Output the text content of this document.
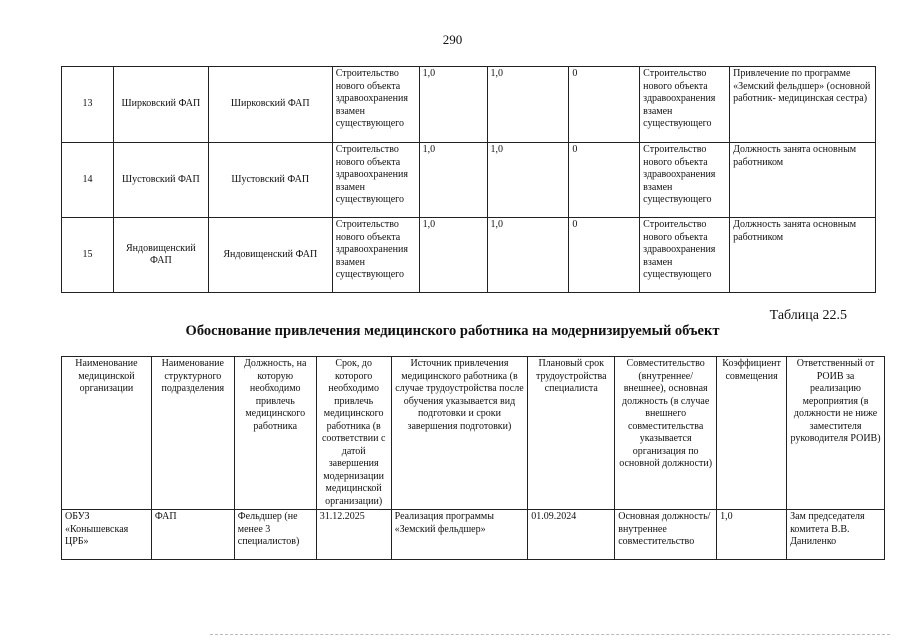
290
13	Ширковский ФАП	Ширковский ФАП	Строительство нового объекта здравоохранения взамен существующего	1,0	1,0	0	Строительство нового объекта здравоохранения взамен существующего	Привлечение по программе «Земский фельдшер» (основной работник- медицинская сестра)
14	Шустовский ФАП	Шустовский ФАП	Строительство нового объекта здравоохранения взамен существующего	1,0	1,0	0	Строительство нового объекта здравоохранения взамен существующего	Должность занята основным работником
15	Яндовищенский ФАП	Яндовищенский ФАП	Строительство нового объекта здравоохранения взамен существующего	1,0	1,0	0	Строительство нового объекта здравоохранения взамен существующего	Должность занята основным работником
Таблица 22.5
Обоснование привлечения медицинского работника на модернизируемый объект
Наименование медицинской организации	Наименование структурного подразделения	Должность, на которую необходимо привлечь медицинского работника	Срок, до которого необходимо привлечь медицинского работника (в соответствии с датой завершения модернизации медицинской организации)	Источник привлечения медицинского работника (в случае трудоустройства после обучения указывается вид подготовки и сроки завершения подготовки)	Плановый срок трудоустройства специалиста	Совместительство (внутреннее/внешнее), основная должность (в случае внешнего совместительства указывается организация по основной должности)	Коэффициент совмещения	Ответственный от РОИВ за реализацию мероприятия (в должности не ниже заместителя руководителя РОИВ)
ОБУЗ «Конышевская ЦРБ»	ФАП	Фельдшер (не менее 3 специалистов)	31.12.2025	Реализация программы «Земский фельдшер»	01.09.2024	Основная должность/внутреннее совместительство	1,0	Зам председателя комитета В.В. Даниленко
